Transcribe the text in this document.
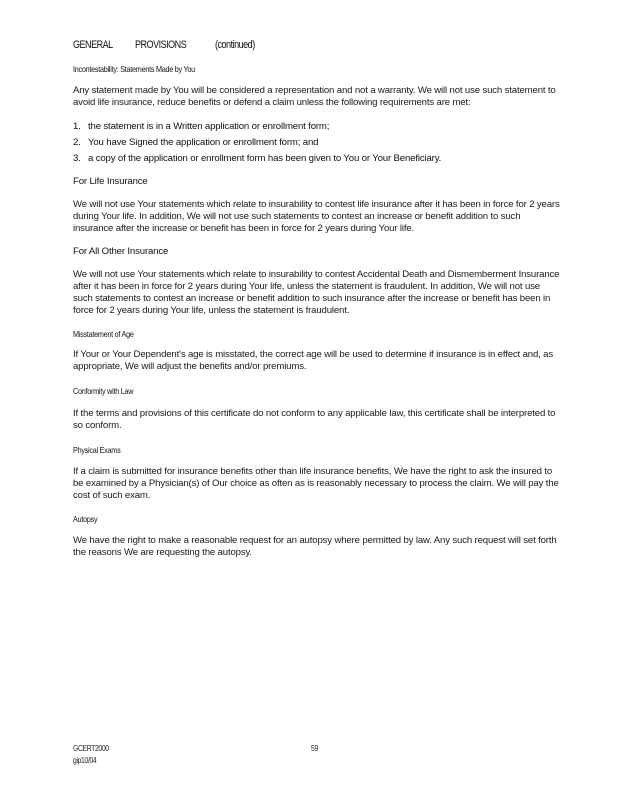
GENERAL PROVISIONS	(continued)
Incontestability: Statements Made by You

Any statement made by You will be considered a representation and not a warranty. We will not use such statement to avoid life insurance, reduce benefits or defend a claim unless the following requirements are met:

1. the statement is in a Written application or enrollment form;
2. You have Signed the application or enrollment form; and
3. a copy of the application or enrollment form has been given to You or Your Beneficiary.
For Life Insurance

We will not use Your statements which relate to insurability to contest life insurance after it has been in force for 2 years during Your life. In addition, We will not use such statements to contest an increase or benefit addition to such insurance after the increase or benefit has been in force for 2 years during Your life.

For All Other Insurance

We will not use Your statements which relate to insurability to contest Accidental Death and Dismemberment Insurance after it has been in force for 2 years during Your life, unless the statement is fraudulent. In addition, We will not use such statements to contest an increase or benefit addition to such insurance after the increase or benefit has been in force for 2 years during Your life, unless the statement is fraudulent.

Misstatement of Age

If Your or Your Dependent's age is misstated, the correct age will be used to determine if insurance is in effect and, as appropriate, We will adjust the benefits and/or premiums.

Conformity with Law

If the terms and provisions of this certificate do not conform to any applicable law, this certificate shall be interpreted to so conform.

Physical Exams

If a claim is submitted for insurance benefits other than life insurance benefits, We have the right to ask the insured to be examined by a Physician(s) of Our choice as often as is reasonably necessary to process the claim. We will pay the cost of such exam.

Autopsy

We have the right to make a reasonable request for an autopsy where permitted by law. Any such request will set forth the reasons We are requesting the autopsy.

GCERT2000
gip10/04
59
